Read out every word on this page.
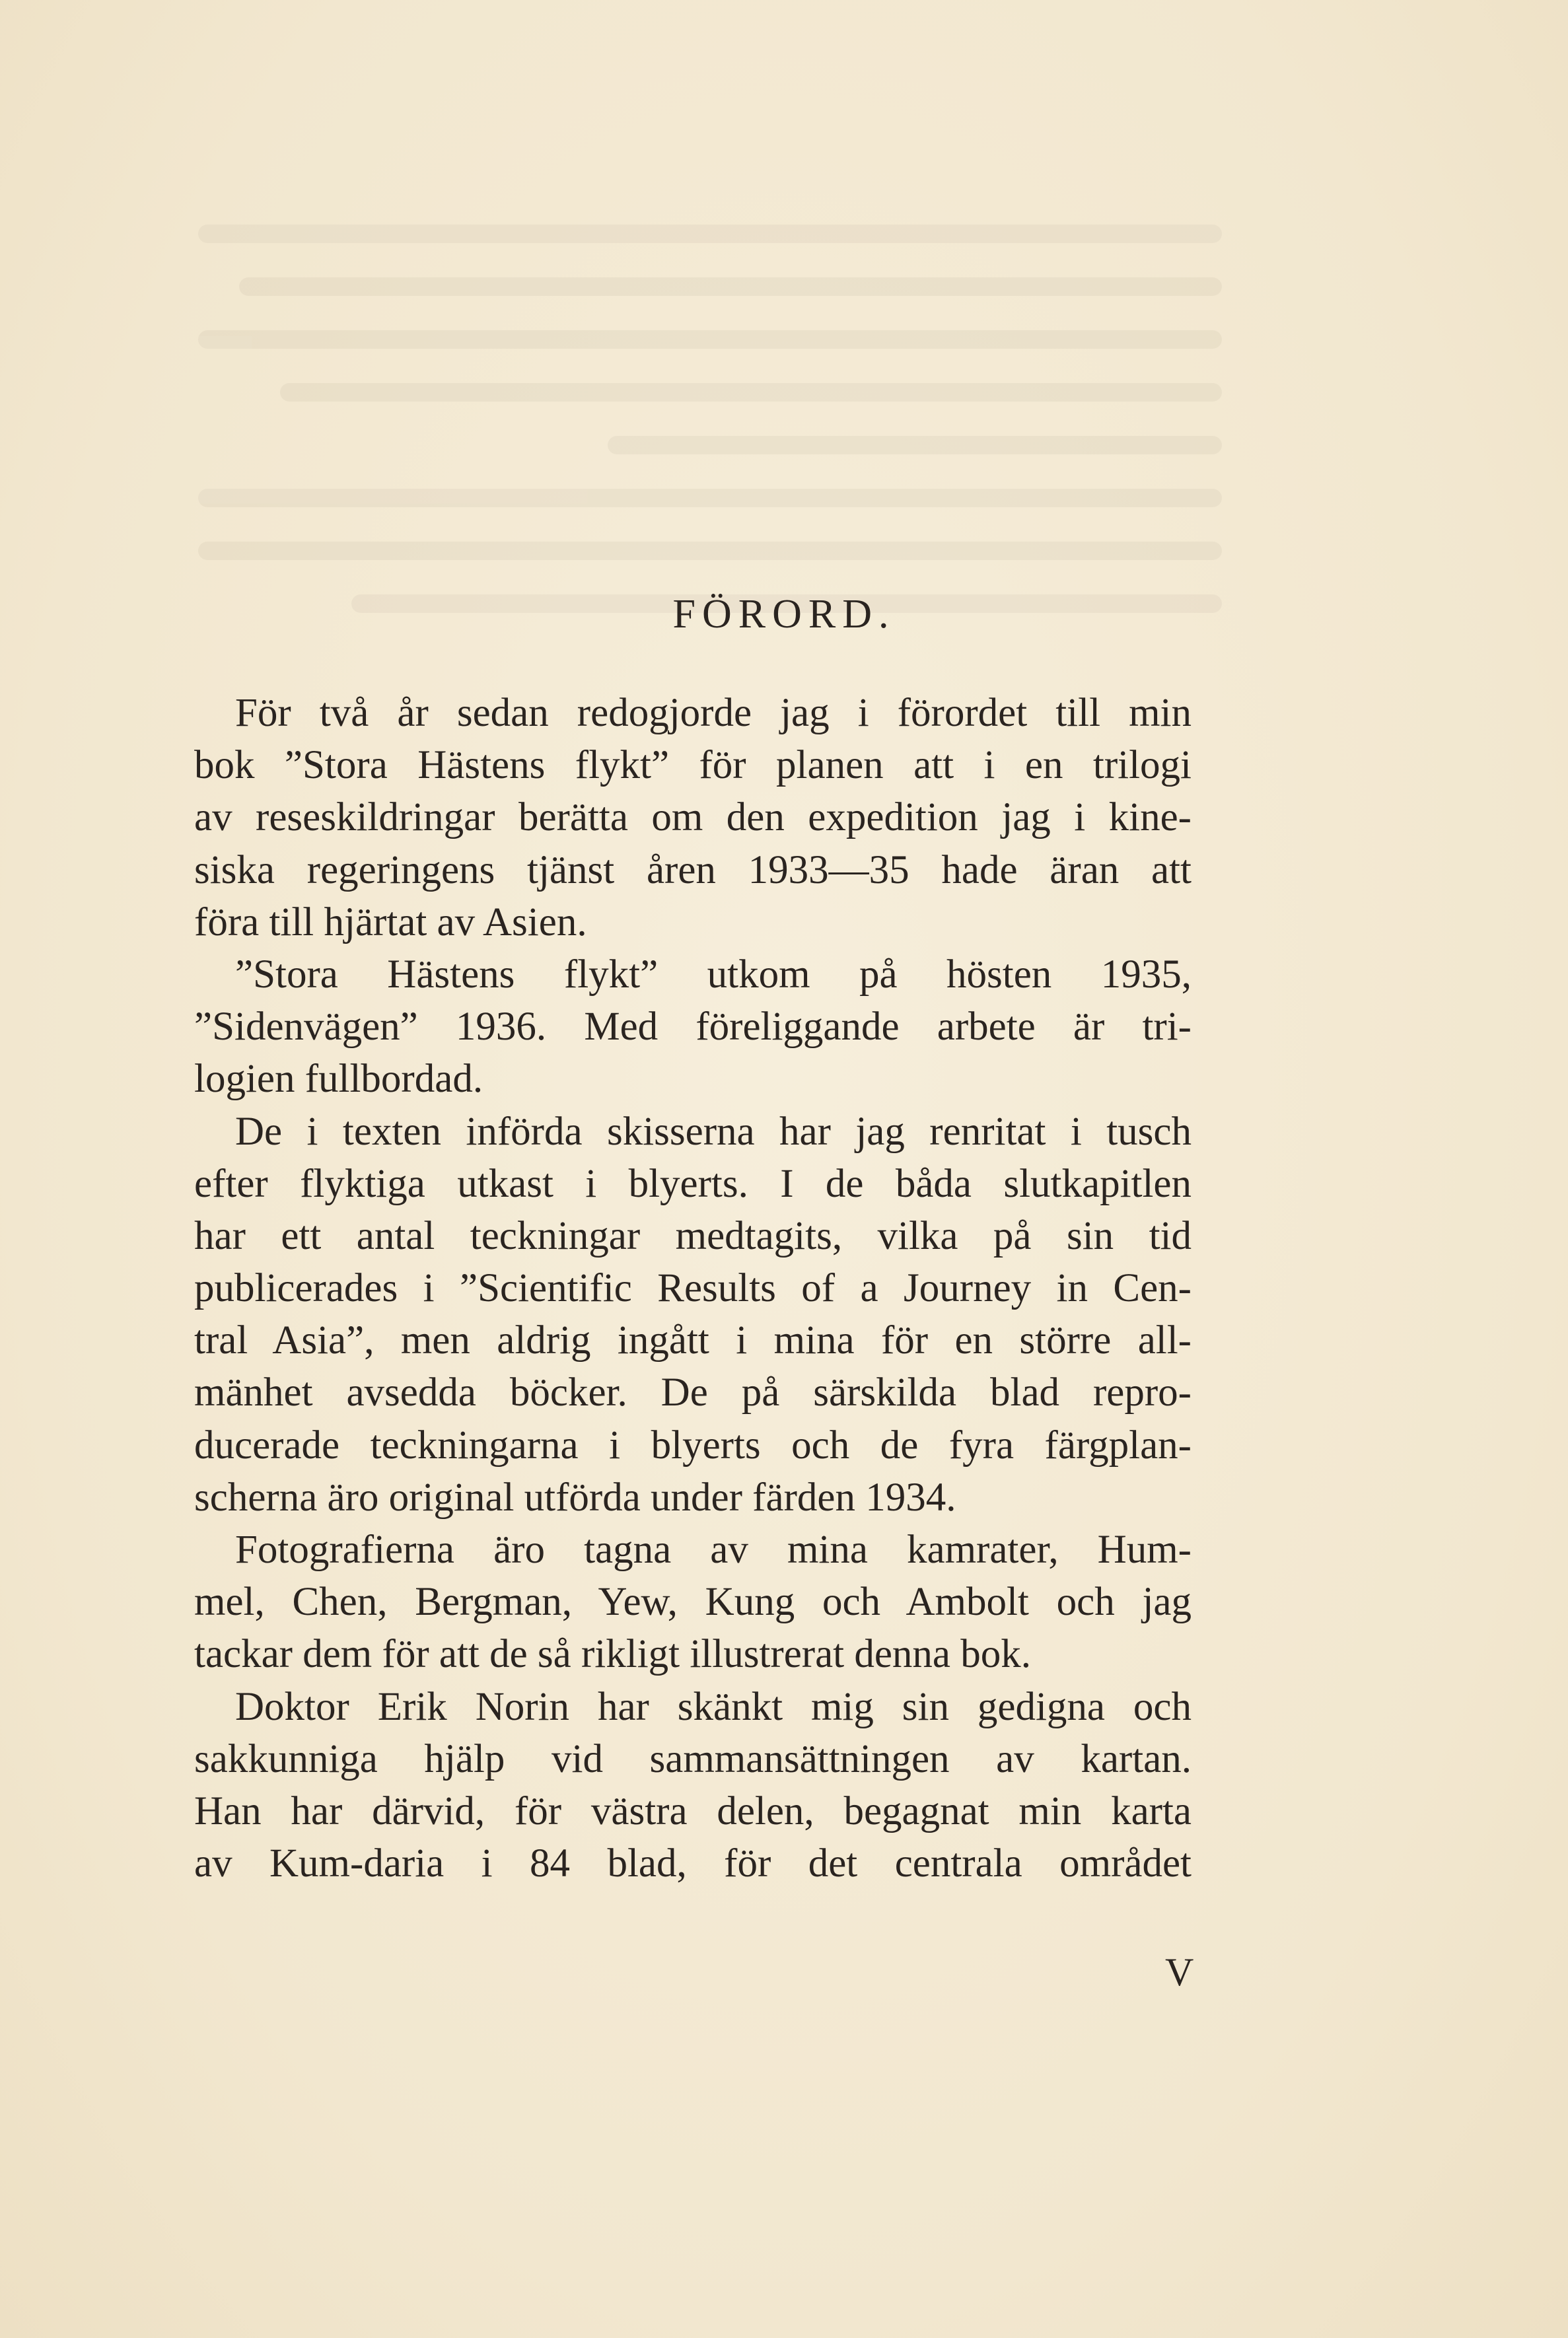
FÖRORD.
För två år sedan redogjorde jag i förordet till min
bok ”Stora Hästens flykt” för planen att i en trilogi
av reseskildringar berätta om den expedition jag i kine-
siska regeringens tjänst åren 1933—35 hade äran att
föra till hjärtat av Asien.
”Stora Hästens flykt” utkom på hösten 1935,
”Sidenvägen” 1936. Med föreliggande arbete är tri-
logien fullbordad.
De i texten införda skisserna har jag renritat i tusch
efter flyktiga utkast i blyerts. I de båda slutkapitlen
har ett antal teckningar medtagits, vilka på sin tid
publicerades i ”Scientific Results of a Journey in Cen-
tral Asia”, men aldrig ingått i mina för en större all-
mänhet avsedda böcker. De på särskilda blad repro-
ducerade teckningarna i blyerts och de fyra färgplan-
scherna äro original utförda under färden 1934.
Fotografierna äro tagna av mina kamrater, Hum-
mel, Chen, Bergman, Yew, Kung och Ambolt och jag
tackar dem för att de så rikligt illustrerat denna bok.
Doktor Erik Norin har skänkt mig sin gedigna och
sakkunniga hjälp vid sammansättningen av kartan.
Han har därvid, för västra delen, begagnat min karta
av Kum-daria i 84 blad, för det centrala området
V
